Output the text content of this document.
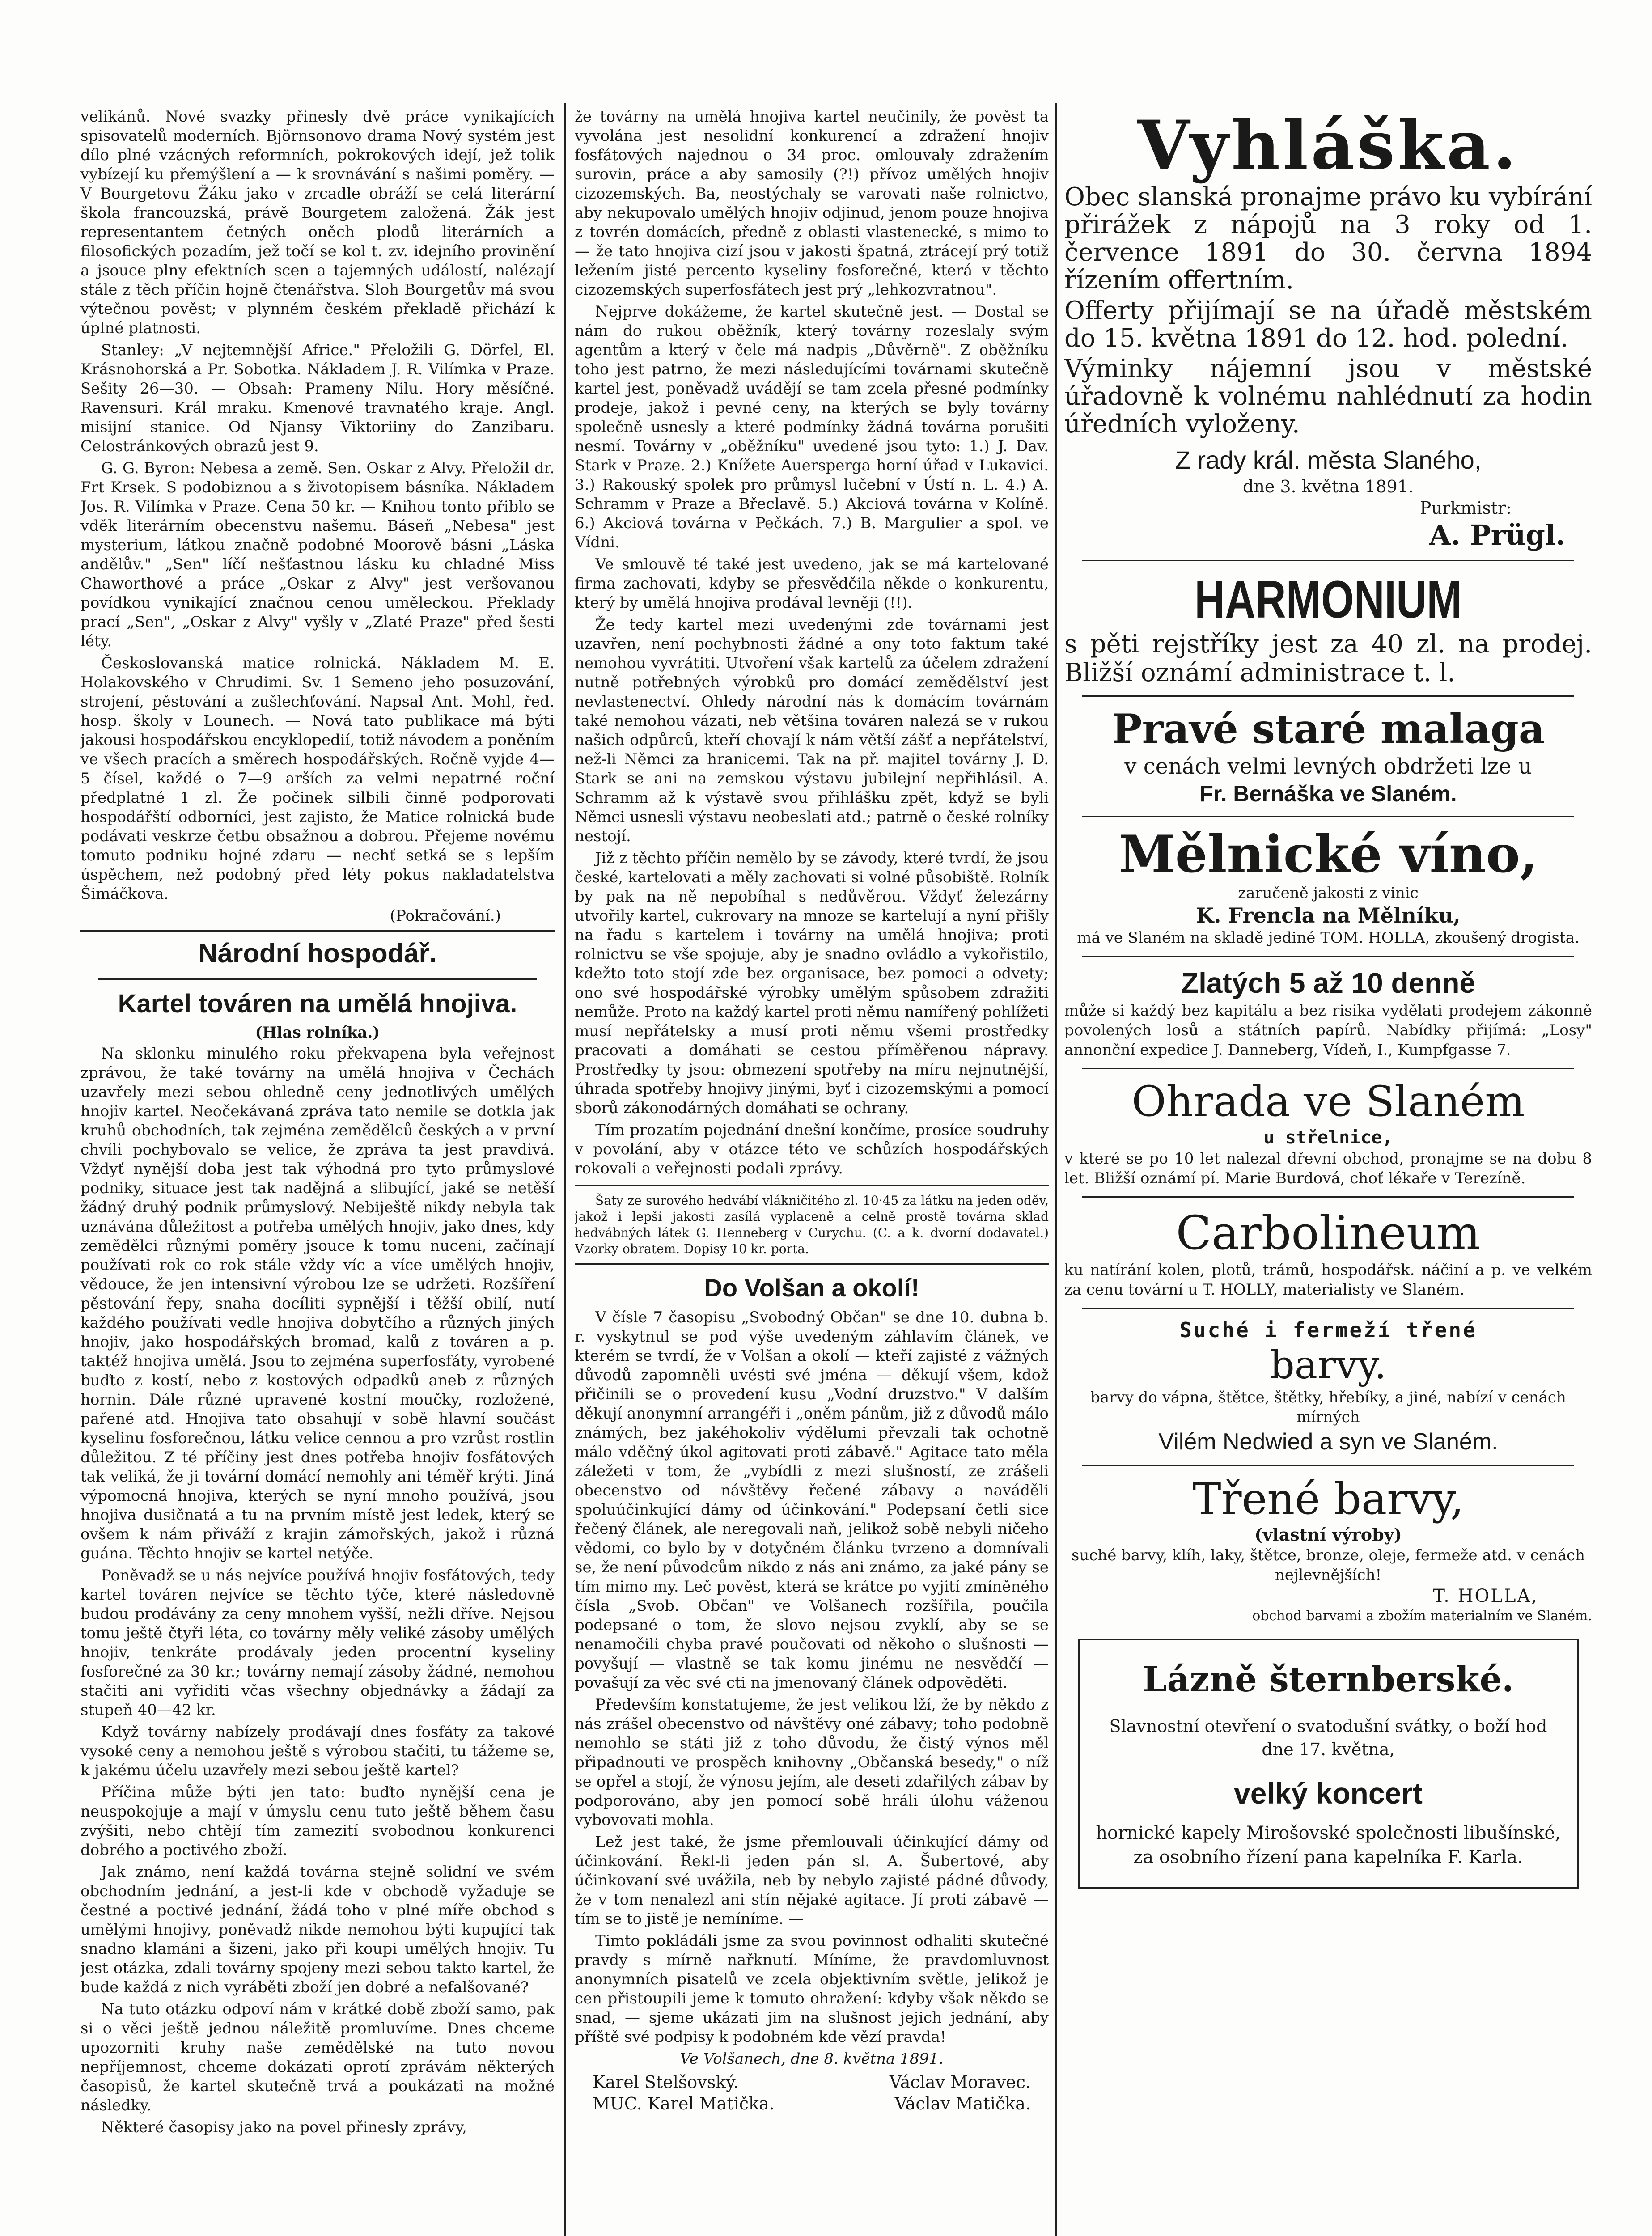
velikánů. Nové svazky přinesly dvě práce vynikajících spisovatelů moderních. Björnsonovo drama Nový systém jest dílo plné vzácných reformních, pokrokových idejí, jež tolik vybízejí ku přemýšlení a — k srovnávání s našimi poměry. — V Bourgetovu Žáku jako v zrcadle obráží se celá literární škola francouzská, právě Bourgetem založená. Žák jest representantem četných oněch plodů literárních a filosofických pozadím, jež točí se kol t. zv. idejního provinění a jsouce plny efektních scen a tajemných událostí, nalézají stále z těch příčin hojně čtenářstva. Sloh Bourgetův má svou výtečnou pověst; v plynném českém překladě přichází k úplné platnosti.

Stanley: „V nejtemnější Africe." Přeložili G. Dörfel, El. Krásnohorská a Pr. Sobotka. Nákladem J. R. Vilímka v Praze. Sešity 26—30. — Obsah: Prameny Nilu. Hory měsíčné. Ravensuri. Král mraku. Kmenové travnatého kraje. Angl. misijní stanice. Od Njansy Viktoriiny do Zanzibaru. Celostránkových obrazů jest 9.

G. G. Byron: Nebesa a země. Sen. Oskar z Alvy. Přeložil dr. Frt Krsek. S podobiznou a s životopisem básníka. Nákladem Jos. R. Vilímka v Praze. Cena 50 kr. — Knihou tonto přiblo se vděk literárním obecenstvu našemu. Báseň „Nebesa" jest mysterium, látkou značně podobné Moorově básni „Láska andělův." „Sen" líčí nešťastnou lásku ku chladné Miss Chaworthové a práce „Oskar z Alvy" jest veršovanou povídkou vynikající značnou cenou uměleckou. Překlady prací „Sen", „Oskar z Alvy" vyšly v „Zlaté Praze" před šesti léty.

Českoslovanská matice rolnická. Nákladem M. E. Holakovského v Chrudimi. Sv. 1 Semeno jeho posuzování, strojení, pěstování a zušlechťování. Napsal Ant. Mohl, řed. hosp. školy v Lounech. — Nová tato publikace má býti jakousi hospodářskou encyklopedií, totiž návodem a poněním ve všech pracích a směrech hospodářských. Ročně vyjde 4—5 čísel, každé o 7—9 arších za velmi nepatrné roční předplatné 1 zl. Že počinek silbili činně podporovati hospodářští odborníci, jest zajisto, že Matice rolnická bude podávati veskrze četbu obsažnou a dobrou. Přejeme novému tomuto podniku hojné zdaru — nechť setká se s lepším úspěchem, než podobný před léty pokus nakladatelstva Šimáčkova.

(Pokračování.)

Národní hospodář.
Kartel továren na umělá hnojiva.
(Hlas rolníka.)

Na sklonku minulého roku překvapena byla veřejnost zprávou, že také továrny na umělá hnojiva v Čechách uzavřely mezi sebou ohledně ceny jednotlivých umělých hnojiv kartel. Neočekávaná zpráva tato nemile se dotkla jak kruhů obchodních, tak zejména zemědělců českých a v první chvíli pochybovalo se velice, že zpráva ta jest pravdivá. Vždyť nynější doba jest tak výhodná pro tyto průmyslové podniky, situace jest tak nadějná a slibující, jaké se netěší žádný druhý podnik průmyslový. Nebiještě nikdy nebyla tak uznávána důležitost a potřeba umělých hnojiv, jako dnes, kdy zemědělci různými poměry jsouce k tomu nuceni, začínají používati rok co rok stále vždy víc a více umělých hnojiv, vědouce, že jen intensivní výrobou lze se udržeti. Rozšíření pěstování řepy, snaha docíliti sypnější i těžší obilí, nutí každého používati vedle hnojiva dobytčího a různých jiných hnojiv, jako hospodářských bromad, kalů z továren a p. taktéž hnojiva umělá. Jsou to zejména superfosfáty, vyrobené buďto z kostí, nebo z kostových odpadků aneb z různých hornin. Dále různé upravené kostní moučky, rozložené, pařené atd. Hnojiva tato obsahují v sobě hlavní součást kyselinu fosforečnou, látku velice cennou a pro vzrůst rostlin důležitou. Z té příčiny jest dnes potřeba hnojiv fosfátových tak veliká, že ji tovární domácí nemohly ani téměř krýti. Jiná výpomocná hnojiva, kterých se nyní mnoho používá, jsou hnojiva dusičnatá a tu na prvním místě jest ledek, který se ovšem k nám přiváží z krajin zámořských, jakož i různá guána. Těchto hnojiv se kartel netýče.

Poněvadž se u nás nejvíce používá hnojiv fosfátových, tedy kartel továren nejvíce se těchto týče, které následovně budou prodávány za ceny mnohem vyšší, nežli dříve. Nejsou tomu ještě čtyři léta, co továrny měly veliké zásoby umělých hnojiv, tenkráte prodávaly jeden procentní kyseliny fosforečné za 30 kr.; továrny nemají zásoby žádné, nemohou stačiti ani vyřiditi včas všechny objednávky a žádají za stupeň 40—42 kr.

Když továrny nabízely prodávají dnes fosfáty za takové vysoké ceny a nemohou ještě s výrobou stačiti, tu tážeme se, k jakému účelu uzavřely mezi sebou ještě kartel?

Příčina může býti jen tato: buďto nynější cena je neuspokojuje a mají v úmyslu cenu tuto ještě během času zvýšiti, nebo chtějí tím zamezití svobodnou konkurenci dobrého a poctivého zboží.

Jak známo, není každá továrna stejně solidní ve svém obchodním jednání, a jest-li kde v obchodě vyžaduje se čestné a poctivé jednání, žádá toho v plné míře obchod s umělými hnojivy, poněvadž nikde nemohou býti kupující tak snadno klamáni a šizeni, jako při koupi umělých hnojiv. Tu jest otázka, zdali továrny spojeny mezi sebou takto kartel, že bude každá z nich vyráběti zboží jen dobré a nefalšované?

Na tuto otázku odpoví nám v krátké době zboží samo, pak si o věci ještě jednou náležitě promluvíme. Dnes chceme upozorniti kruhy naše zemědělské na tuto novou nepříjemnost, chceme dokázati oprotí zprávám některých časopisů, že kartel skutečně trvá a poukázati na možné následky.

Některé časopisy jako na povel přinesly zprávy,

že továrny na umělá hnojiva kartel neučinily, že pověst ta vyvolána jest nesolidní konkurencí a zdražení hnojiv fosfátových najednou o 34 proc. omlouvaly zdražením surovin, práce a aby samosily (?!) přívoz umělých hnojiv cizozemských. Ba, neostýchaly se varovati naše rolnictvo, aby nekupovalo umělých hnojiv odjinud, jenom pouze hnojiva z tovrén domácích, předně z oblasti vlastenecké, s mimo to — že tato hnojiva cizí jsou v jakosti špatná, ztrácejí prý totiž ležením jisté percento kyseliny fosforečné, která v těchto cizozemských superfosfátech jest prý „lehkozvratnou".

Nejprve dokážeme, že kartel skutečně jest. — Dostal se nám do rukou oběžník, který továrny rozeslaly svým agentům a který v čele má nadpis „Důvěrně". Z oběžníku toho jest patrno, že mezi následujícími továrnami skutečně kartel jest, poněvadž uvádějí se tam zcela přesné podmínky prodeje, jakož i pevné ceny, na kterých se byly továrny společně usnesly a které podmínky žádná továrna porušiti nesmí. Továrny v „oběžníku" uvedené jsou tyto: 1.) J. Dav. Stark v Praze. 2.) Knížete Auersperga horní úřad v Lukavici. 3.) Rakouský spolek pro průmysl lučební v Ústí n. L. 4.) A. Schramm v Praze a Břeclavě. 5.) Akciová továrna v Kolíně. 6.) Akciová továrna v Pečkách. 7.) B. Margulier a spol. ve Vídni.

Ve smlouvě té také jest uvedeno, jak se má kartelované firma zachovati, kdyby se přesvědčila někde o konkurentu, který by umělá hnojiva prodával levněji (!!).

Že tedy kartel mezi uvedenými zde továrnami jest uzavřen, není pochybnosti žádné a ony toto faktum také nemohou vyvrátiti. Utvoření však kartelů za účelem zdražení nutně potřebných výrobků pro domácí zemědělství jest nevlastenectví. Ohledy národní nás k domácím továrnám také nemohou vázati, neb většina továren nalezá se v rukou našich odpůrců, kteří chovají k nám větší zášť a nepřátelství, než-li Němci za hranicemi. Tak na př. majitel továrny J. D. Stark se ani na zemskou výstavu jubilejní nepřihlásil. A. Schramm až k výstavě svou přihlášku zpět, když se byli Němci usnesli výstavu neobeslati atd.; patrně o české rolníky nestojí.

Již z těchto příčin nemělo by se závody, které tvrdí, že jsou české, kartelovati a měly zachovati si volné působiště. Rolník by pak na ně nepobíhal s nedůvěrou. Vždyť železárny utvořily kartel, cukrovary na mnoze se kartelují a nyní přišly na řadu s kartelem i továrny na umělá hnojiva; proti rolnictvu se vše spojuje, aby je snadno ovládlo a vykořistilo, kdežto toto stojí zde bez organisace, bez pomoci a odvety; ono své hospodářské výrobky umělým spůsobem zdražiti nemůže. Proto na každý kartel proti němu namířený pohlížeti musí nepřátelsky a musí proti němu všemi prostředky pracovati a domáhati se cestou příměřenou nápravy. Prostředky ty jsou: obmezení spotřeby na míru nejnutnější, úhrada spotřeby hnojivy jinými, byť i cizozemskými a pomocí sborů zákonodárných domáhati se ochrany.

Tím prozatím pojednání dnešní končíme, prosíce soudruhy v povolání, aby v otázce této ve schůzích hospodářských rokovali a veřejnosti podali zprávy.

Šaty ze surového hedvábí vlákničitého zl. 10·45 za látku na jeden oděv, jakož i lepší jakosti zasílá vyplaceně a celně prostě továrna sklad hedvábných látek G. Henneberg v Curychu. (C. a k. dvorní dodavatel.) Vzorky obratem. Dopisy 10 kr. porta.

Do Volšan a okolí!

V čísle 7 časopisu „Svobodný Občan" se dne 10. dubna b. r. vyskytnul se pod výše uvedeným záhlavím článek, ve kterém se tvrdí, že v Volšan a okolí — kteří zajisté z vážných důvodů zapomněli uvésti své jména — děkují všem, kdož přičinili se o provedení kusu „Vodní druzstvo." V dalším děkují anonymní arrangéři i „oněm pánům, již z důvodů málo známých, bez jakéhokoliv výdělumi převzali tak ochotně málo vděčný úkol agitovati proti zábavě." Agitace tato měla záležeti v tom, že „vybídli z mezi slušností, ze zrášeli obecenstvo od návštěvy řečené zábavy a naváděli spoluúčinkující dámy od účinkování." Podepsaní četli sice řečený článek, ale neregovali naň, jelikož sobě nebyli ničeho vědomi, co bylo by v dotyčném článku tvrzeno a domnívali se, že není původcům nikdo z nás ani známo, za jaké pány se tím mimo my. Leč pověst, která se krátce po vyjití zmíněného čísla „Svob. Občan" ve Volšanech rozšířila, poučila podepsané o tom, že slovo nejsou zvyklí, aby se se nenamočili chyba pravé poučovati od někoho o slušnosti — povyšují — vlastně se tak komu jinému ne nesvědčí — povašují za věc své cti na jmenovaný článek odpověděti.

Především konstatujeme, že jest velikou lží, že by někdo z nás zrášel obecenstvo od návštěvy oné zábavy; toho podobně nemohlo se státi již z toho důvodu, že čistý výnos měl připadnouti ve prospěch knihovny „Občanská besedy," o níž se opřel a stojí, že výnosu jejím, ale deseti zdařilých zábav by podporováno, aby jen pomocí sobě hráli úlohu váženou vybovovati mohla.

Lež jest také, že jsme přemlouvali účinkující dámy od účinkování. Řekl-li jeden pán sl. A. Šubertové, aby účinkovaní své uvážila, neb by nebylo zajisté pádné důvody, že v tom nenalezl ani stín nějaké agitace. Jí proti zábavě — tím se to jistě je nemíníme. —

Timto pokládáli jsme za svou povinnost odhaliti skutečné pravdy s mírně nařknutí. Míníme, že pravdomluvnost anonymních pisatelů ve zcela objektivním světle, jelikož je cen přistoupili jeme k tomuto ohražení: kdyby však někdo se snad, — sjeme ukázati jim na slušnost jejich jednání, aby příště své podpisy k podobném kde vězí pravda!

Ve Volšanech, dne 8. května 1891.

Karel Stelšovský.	Václav Moravec.
MUC. Karel Matička.	Václav Matička.
Vyhláška.

Obec slanská pronajme právo ku vybírání přirážek z nápojů na 3 roky od 1. července 1891 do 30. června 1894 řízením offertním.

Offerty přijímají se na úřadě městském do 15. května 1891 do 12. hod. polední.

Výminky nájemní jsou v městské úřadovně k volnému nahlédnutí za hodin úředních vyloženy.

Z rady král. města Slaného,

dne 3. května 1891.

Purkmistr:

A. Prügl.

HARMONIUM

s pěti rejstříky jest za 40 zl. na prodej. Bližší oznámí administrace t. l.

Pravé staré malaga

v cenách velmi levných obdržeti lze u

Fr. Bernáška ve Slaném.

Mělnické víno,

zaručeně jakosti z vinic

K. Frencla na Mělníku,

má ve Slaném na skladě jediné TOM. HOLLA, zkoušený drogista.

Zlatých 5 až 10 denně

může si každý bez kapitálu a bez risika vydělati prodejem zákonně povolených losů a státních papírů. Nabídky přijímá: „Losy" annonční expedice J. Danneberg, Vídeň, I., Kumpfgasse 7.

Ohrada ve Slaném

u střelnice,

v které se po 10 let nalezal dřevní obchod, pronajme se na dobu 8 let. Bližší oznámí pí. Marie Burdová, choť lékaře v Terezíně.

Carbolineum

ku natírání kolen, plotů, trámů, hospodářsk. náčiní a p. ve velkém za cenu tovární u T. HOLLY, materialisty ve Slaném.

Suché i fermeží třené

barvy.

barvy do vápna, štětce, štětky, hřebíky, a jiné, nabízí v cenách mírných

Vilém Nedwied a syn ve Slaném.

Třené barvy,

(vlastní výroby)

suché barvy, klíh, laky, štětce, bronze, oleje, fermeže atd. v cenách nejlevnějších!

T. HOLLA,

obchod barvami a zbožím materialním ve Slaném.

Lázně šternberské.

Slavnostní otevření o svatodušní svátky, o boží hod dne 17. května,

velký koncert

hornické kapely Mirošovské společnosti libušínské, za osobního řízení pana kapelníka F. Karla.
